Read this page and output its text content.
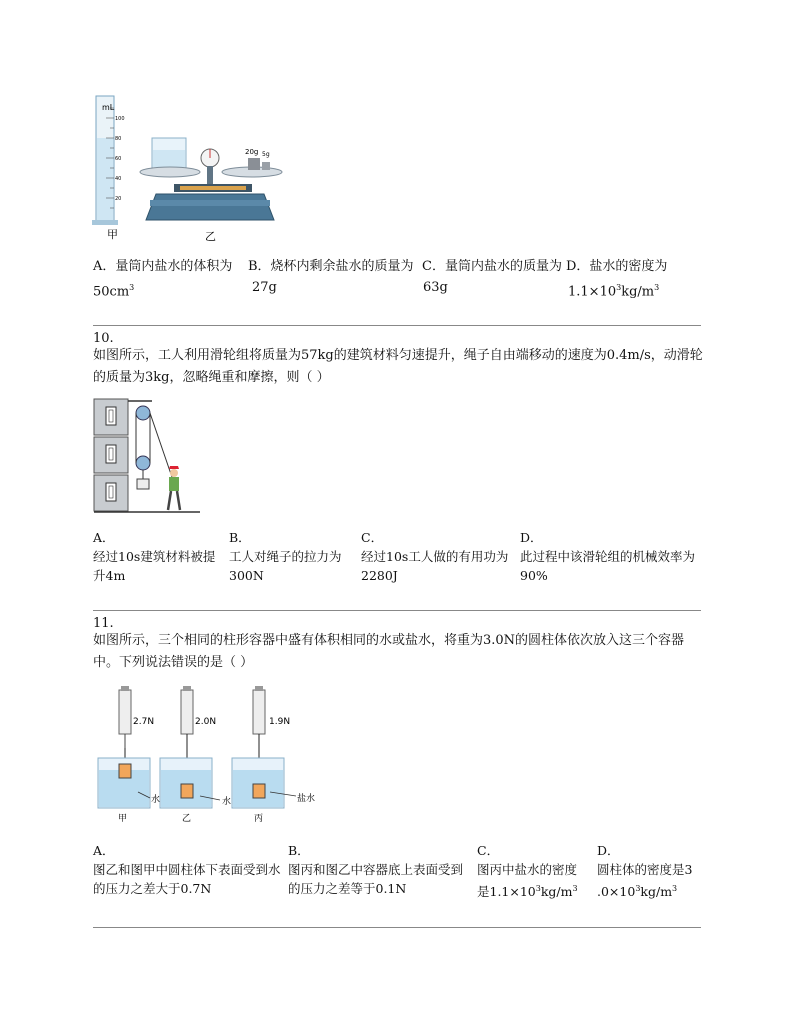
mL
100
80
60
40
20
20g 5g
甲	乙
A．量筒内盐水的体积为 B．烧杯内剩余盐水的质量为 C．量筒内盐水的质量为 D．盐水的密度为
$50cm^3$	27g	63g	$1.1\times 10^3kg/m^3$
10.
如图所示，工人利用滑轮组将质量为57kg的建筑材料匀速提升，绳子自由端移动的速度为0.4m/s，动滑轮的质量为3kg，忽略绳重和摩擦，则（ ）
A．
经过10s建筑材料被提升4m
B．
工人对绳子的拉力为300N
C．
经过10s工人做的有用功为2280J
D．
此过程中该滑轮组的机械效率为90%
11.
如图所示，三个相同的柱形容器中盛有体积相同的水或盐水，将重为3.0N的圆柱体依次放入这三个容器中。下列说法错误的是（ ）
2.7N	2.0N	1.9N
水	水	盐水
甲	乙	丙
A．
图乙和图甲中圆柱体下表面受到水的压力之差大于0.7N
B．
图丙和图乙中容器底上表面受到的压力之差等于0.1N
C．
图丙中盐水的密度
是$1.1\times 10^3kg/m^3$
D．
圆柱体的密度是3
$.0\times 10^3kg/m^3$
